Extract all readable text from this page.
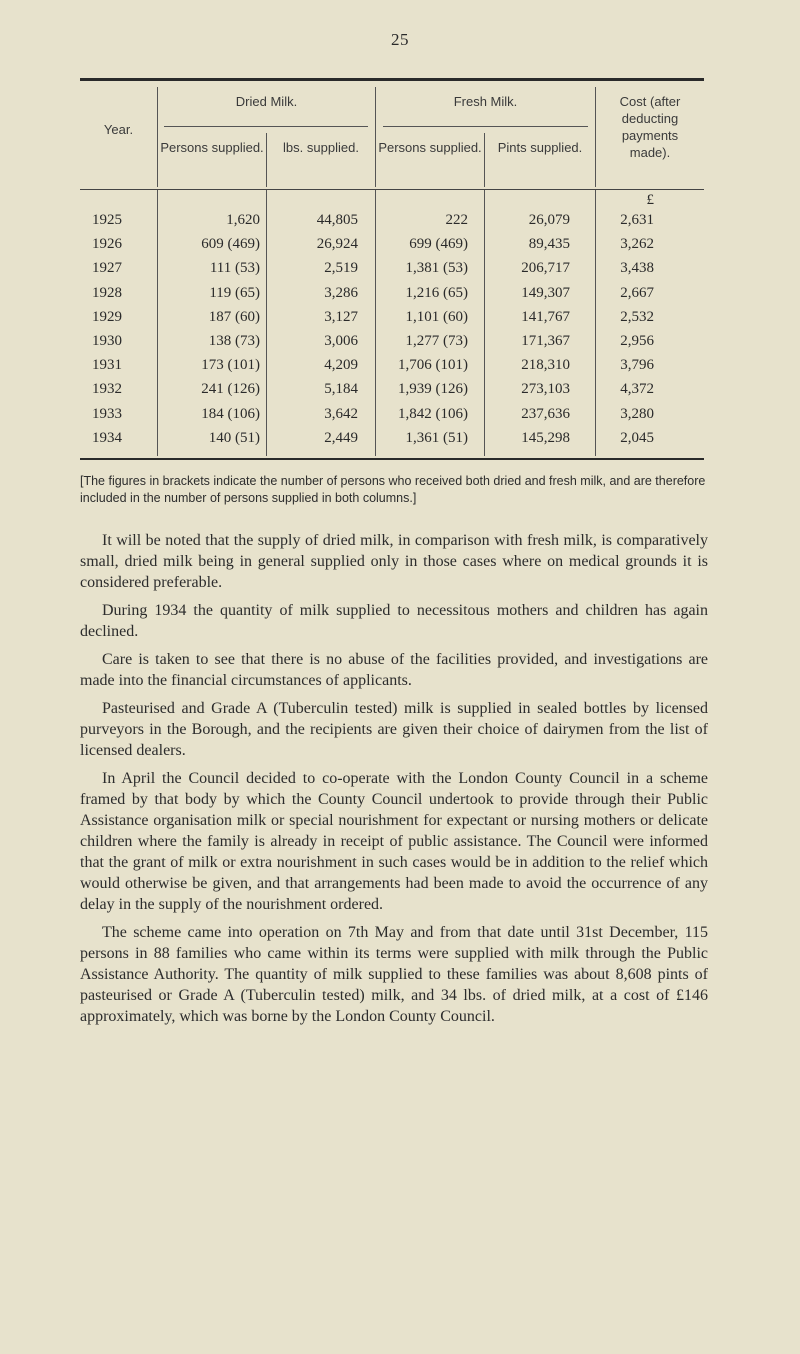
25
Year.
Dried Milk.	Fresh Milk.	Cost (after deducting payments made).
Persons supplied.	lbs. supplied.	Persons supplied.	Pints supplied.
£
1925	1,620	44,805	222	26,079	2,631
1926	609 (469)	26,924	699 (469)	89,435	3,262
1927	111 (53)	2,519	1,381 (53)	206,717	3,438
1928	119 (65)	3,286	1,216 (65)	149,307	2,667
1929	187 (60)	3,127	1,101 (60)	141,767	2,532
1930	138 (73)	3,006	1,277 (73)	171,367	2,956
1931	173 (101)	4,209	1,706 (101)	218,310	3,796
1932	241 (126)	5,184	1,939 (126)	273,103	4,372
1933	184 (106)	3,642	1,842 (106)	237,636	3,280
1934	140 (51)	2,449	1,361 (51)	145,298	2,045
[The figures in brackets indicate the number of persons who received both dried and fresh milk, and are therefore included in the number of persons supplied in both columns.]

It will be noted that the supply of dried milk, in comparison with fresh milk, is comparatively small, dried milk being in general supplied only in those cases where on medical grounds it is considered preferable.

During 1934 the quantity of milk supplied to necessitous mothers and children has again declined.

Care is taken to see that there is no abuse of the facilities provided, and investigations are made into the financial circumstances of applicants.

Pasteurised and Grade A (Tuberculin tested) milk is supplied in sealed bottles by licensed purveyors in the Borough, and the recipients are given their choice of dairymen from the list of licensed dealers.

In April the Council decided to co-operate with the London County Council in a scheme framed by that body by which the County Council undertook to provide through their Public Assistance organisation milk or special nourishment for expectant or nursing mothers or delicate children where the family is already in receipt of public assistance. The Council were informed that the grant of milk or extra nourishment in such cases would be in addition to the relief which would otherwise be given, and that arrangements had been made to avoid the occurrence of any delay in the supply of the nourishment ordered.

The scheme came into operation on 7th May and from that date until 31st December, 115 persons in 88 families who came within its terms were supplied with milk through the Public Assistance Authority. The quantity of milk supplied to these families was about 8,608 pints of pasteurised or Grade A (Tuberculin tested) milk, and 34 lbs. of dried milk, at a cost of £146 approximately, which was borne by the London County Council.
